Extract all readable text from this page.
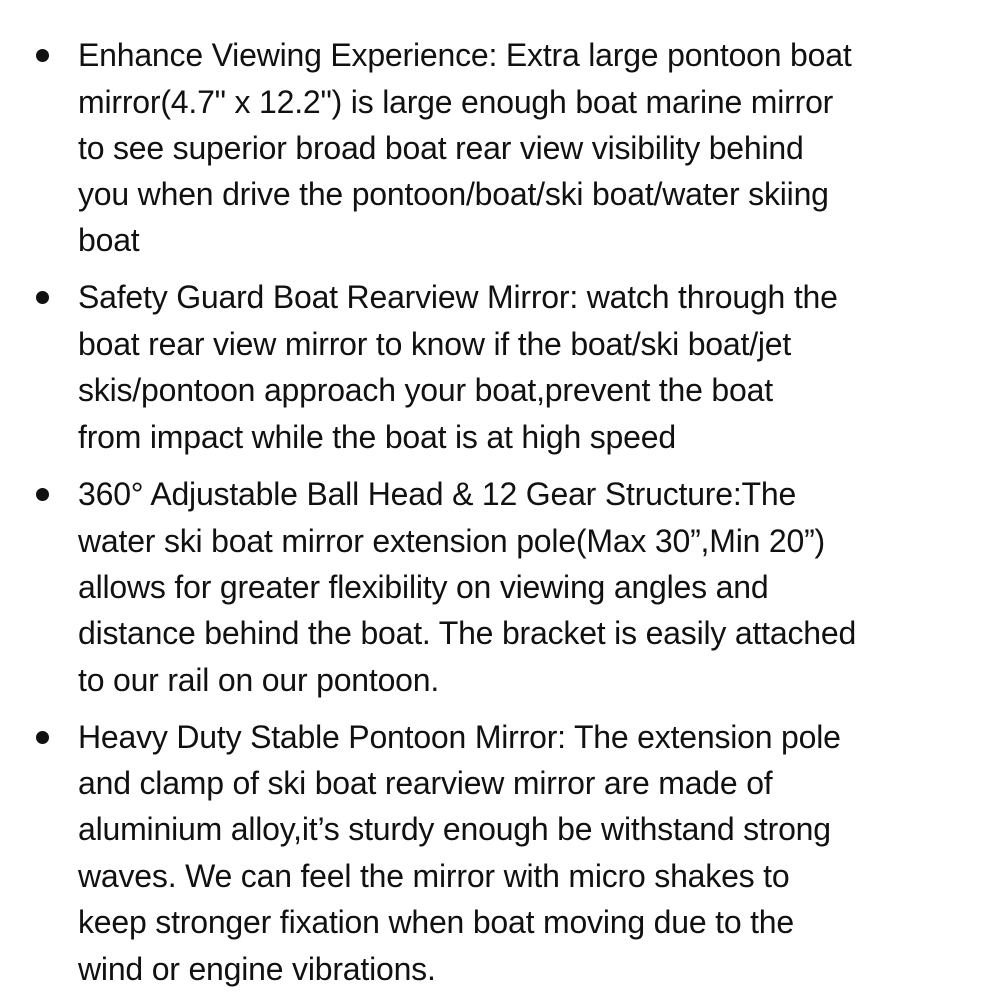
Enhance Viewing Experience: Extra large pontoon boat
mirror(4.7" x 12.2") is large enough boat marine mirror
to see superior broad boat rear view visibility behind
you when drive the pontoon/boat/ski boat/water skiing
boat
Safety Guard Boat Rearview Mirror: watch through the
boat rear view mirror to know if the boat/ski boat/jet
skis/pontoon approach your boat,prevent the boat
from impact while the boat is at high speed
360° Adjustable Ball Head & 12 Gear Structure:The
water ski boat mirror extension pole(Max 30”,Min 20”)
allows for greater flexibility on viewing angles and
distance behind the boat. The bracket is easily attached
to our rail on our pontoon.
Heavy Duty Stable Pontoon Mirror: The extension pole
and clamp of ski boat rearview mirror are made of
aluminium alloy,it’s sturdy enough be withstand strong
waves. We can feel the mirror with micro shakes to
keep stronger ﬁxation when boat moving due to the
wind or engine vibrations.
